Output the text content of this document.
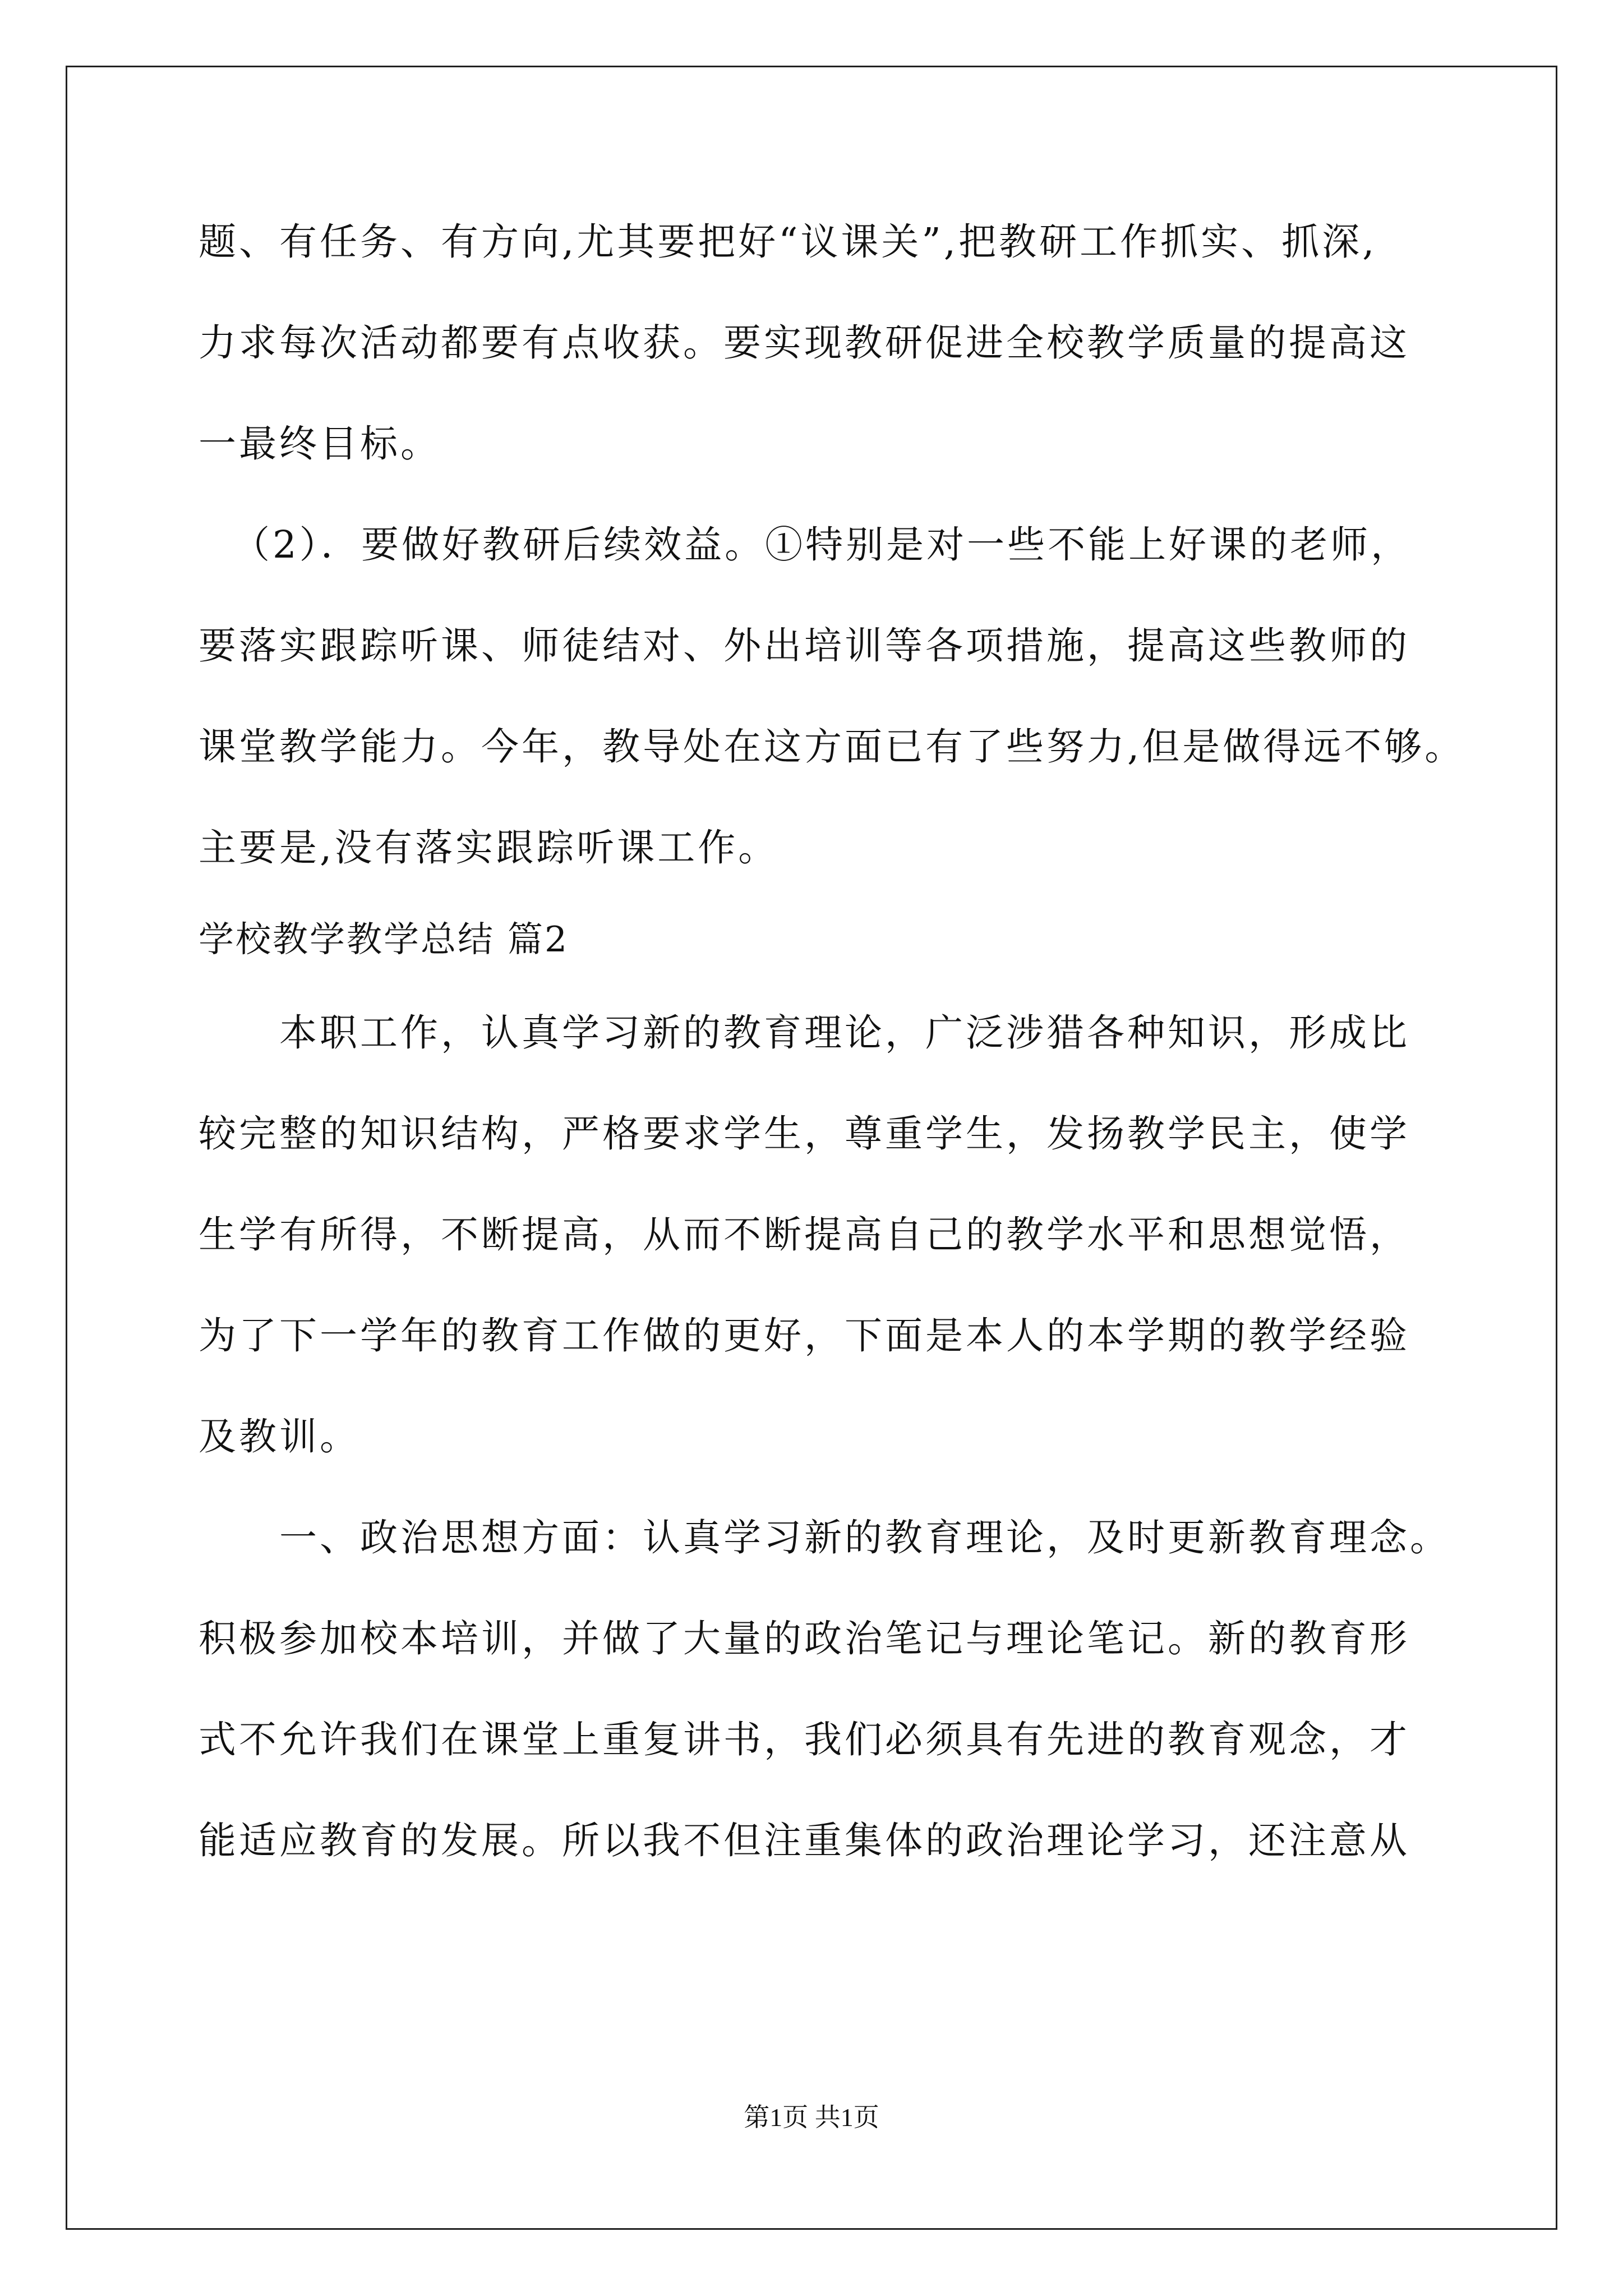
题、有任务、有方向,尤其要把好“议课关”,把教研工作抓实、抓深,
力求每次活动都要有点收获。要实现教研促进全校教学质量的提高这
一最终目标。
（2）．要做好教研后续效益。①特别是对一些不能上好课的老师，
要落实跟踪听课、师徒结对、外出培训等各项措施，提高这些教师的
课堂教学能力。今年，教导处在这方面已有了些努力,但是做得远不够。
主要是,没有落实跟踪听课工作。
学校教学教学总结 篇2
本职工作，认真学习新的教育理论，广泛涉猎各种知识，形成比
较完整的知识结构，严格要求学生，尊重学生，发扬教学民主，使学
生学有所得，不断提高，从而不断提高自己的教学水平和思想觉悟，
为了下一学年的教育工作做的更好，下面是本人的本学期的教学经验
及教训。
一、政治思想方面：认真学习新的教育理论，及时更新教育理念。
积极参加校本培训，并做了大量的政治笔记与理论笔记。新的教育形
式不允许我们在课堂上重复讲书，我们必须具有先进的教育观念，才
能适应教育的发展。所以我不但注重集体的政治理论学习，还注意从
第1页 共1页
